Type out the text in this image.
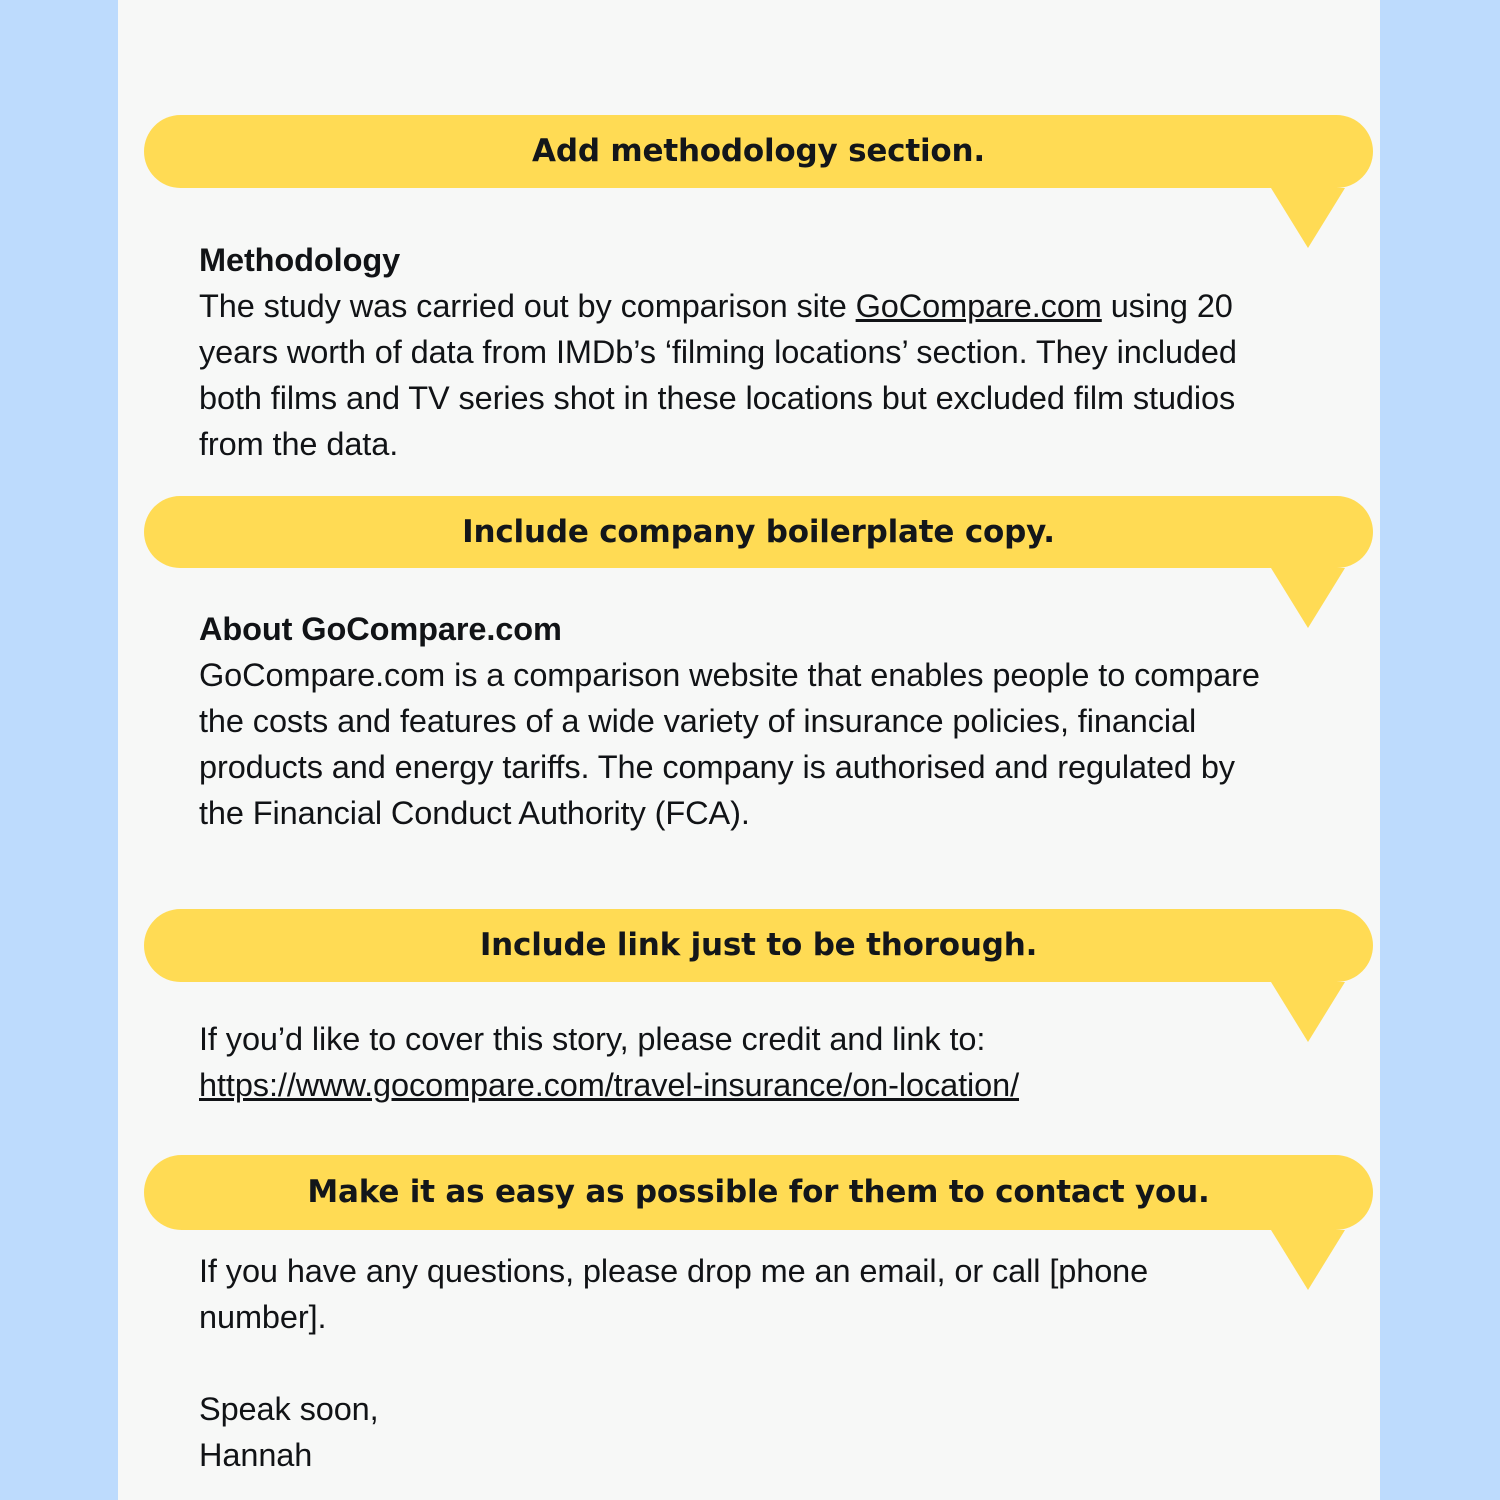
Add methodology section.

Methodology
The study was carried out by comparison site GoCompare.com using 20 years worth of data from IMDb’s ‘filming locations’ section. They included both films and TV series shot in these locations but excluded film studios from the data.

Include company boilerplate copy.

About GoCompare.com
GoCompare.com is a comparison website that enables people to compare the costs and features of a wide variety of insurance policies, financial products and energy tariffs. The company is authorised and regulated by the Financial Conduct Authority (FCA).

Include link just to be thorough.

If you’d like to cover this story, please credit and link to:

https://www.gocompare.com/travel-insurance/on-location/

Make it as easy as possible for them to contact you.

If you have any questions, please drop me an email, or call [phone number].

Speak soon,

Hannah
